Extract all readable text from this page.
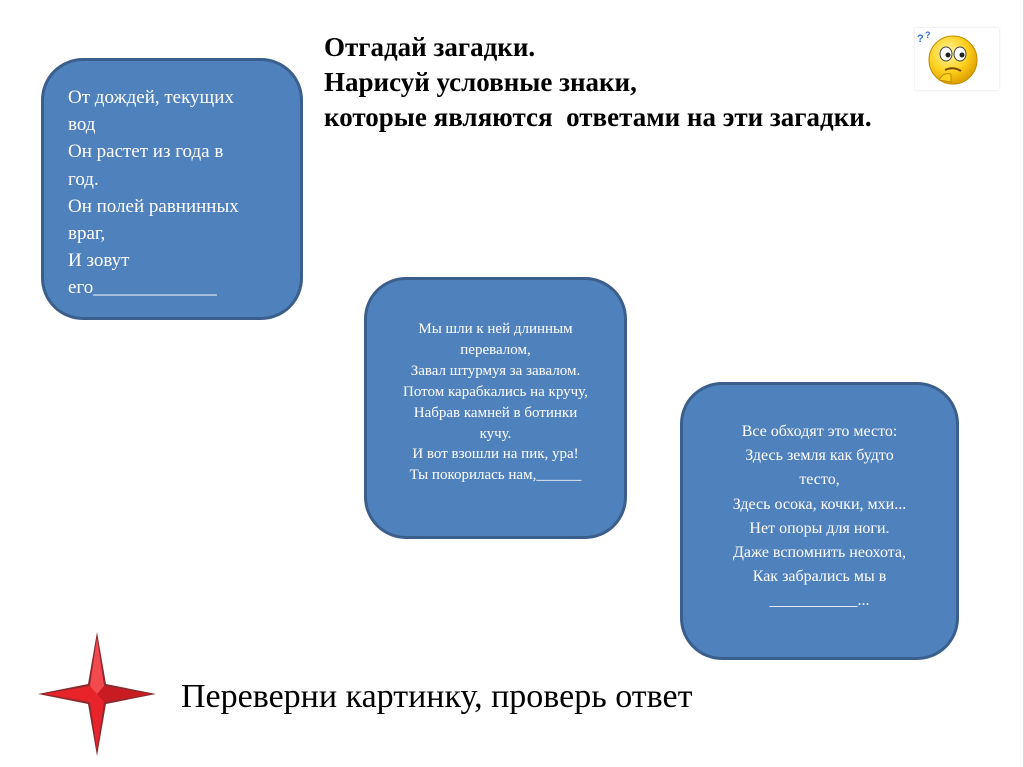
Отгадай загадки.
Нарисуй условные знаки,
которые являются  ответами на эти загадки.
? ?
От дождей, текущих
вод
Он растет из года в
год.
Он полей равнинных
враг,
И зовут
его_____________
Мы шли к ней длинным
перевалом,
Завал штурмуя за завалом.
Потом карабкались на кручу,
Набрав камней в ботинки
кучу.
И вот взошли на пик, ура!
Ты покорилась нам,______
Все обходят это место:
Здесь земля как будто
тесто,
Здесь осока, кочки, мхи...
Нет опоры для ноги.
Даже вспомнить неохота,
Как забрались мы в
___________...
Переверни картинку, проверь ответ
